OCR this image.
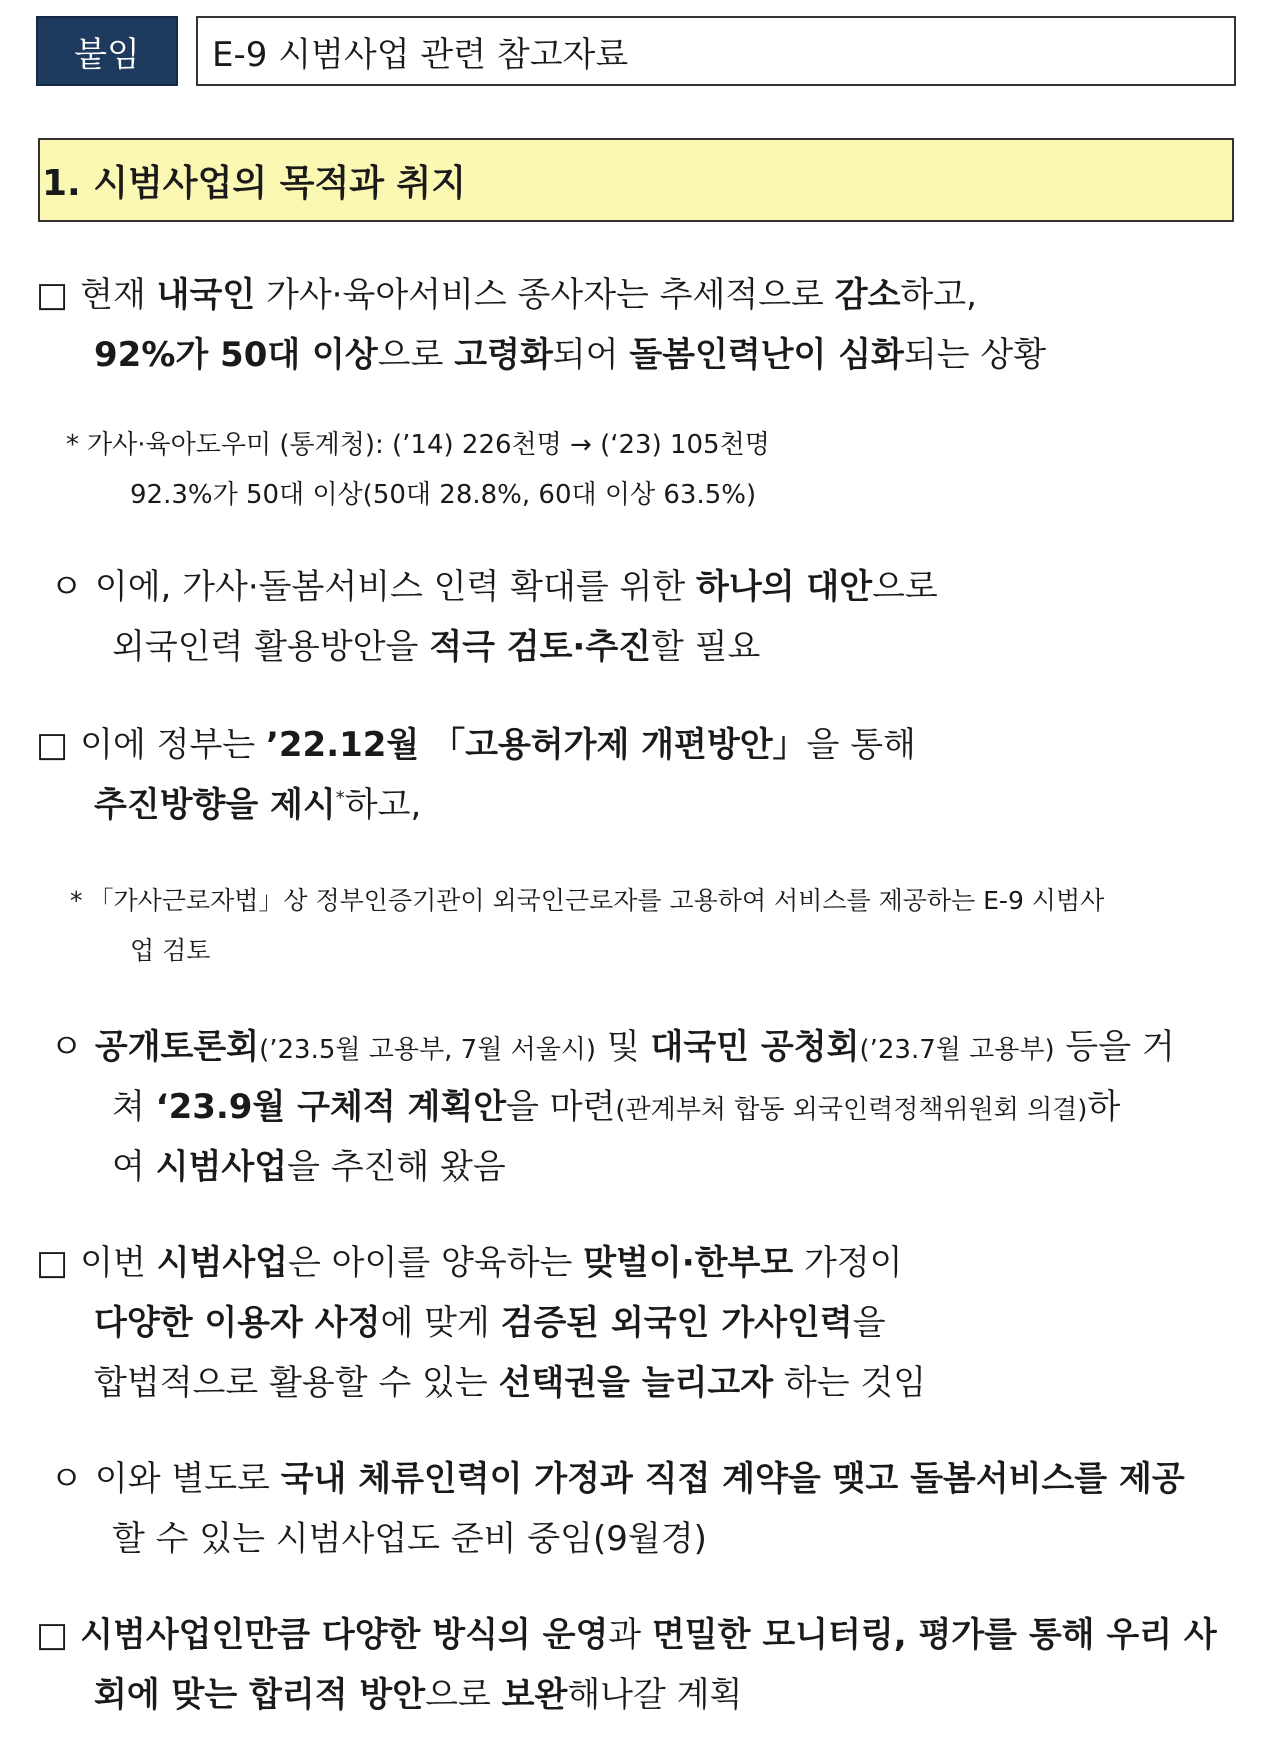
붙임	E-9 시범사업 관련 참고자료
1. 시범사업의 목적과 취지
□ 현재 내국인 가사·육아서비스 종사자는 추세적으로 감소하고,
92%가 50대 이상으로 고령화되어 돌봄인력난이 심화되는 상황
* 가사·육아도우미 (통계청): (’14) 226천명 → (‘23) 105천명
92.3%가 50대 이상(50대 28.8%, 60대 이상 63.5%)
ㅇ 이에, 가사·돌봄서비스 인력 확대를 위한 하나의 대안으로
외국인력 활용방안을 적극 검토·추진할 필요
□ 이에 정부는 ’22.12월 「고용허가제 개편방안」을 통해
추진방향을 제시*하고,
* 「가사근로자법」상 정부인증기관이 외국인근로자를 고용하여 서비스를 제공하는 E-9 시범사
업 검토
ㅇ 공개토론회(’23.5월 고용부, 7월 서울시) 및 대국민 공청회(’23.7월 고용부) 등을 거
쳐 ‘23.9월 구체적 계획안을 마련(관계부처 합동 외국인력정책위원회 의결)하
여 시범사업을 추진해 왔음
□ 이번 시범사업은 아이를 양육하는 맞벌이·한부모 가정이
다양한 이용자 사정에 맞게 검증된 외국인 가사인력을
합법적으로 활용할 수 있는 선택권을 늘리고자 하는 것임
ㅇ 이와 별도로 국내 체류인력이 가정과 직접 계약을 맺고 돌봄서비스를 제공
할 수 있는 시범사업도 준비 중임(9월경)
□ 시범사업인만큼 다양한 방식의 운영과 면밀한 모니터링, 평가를 통해 우리 사
회에 맞는 합리적 방안으로 보완해나갈 계획
